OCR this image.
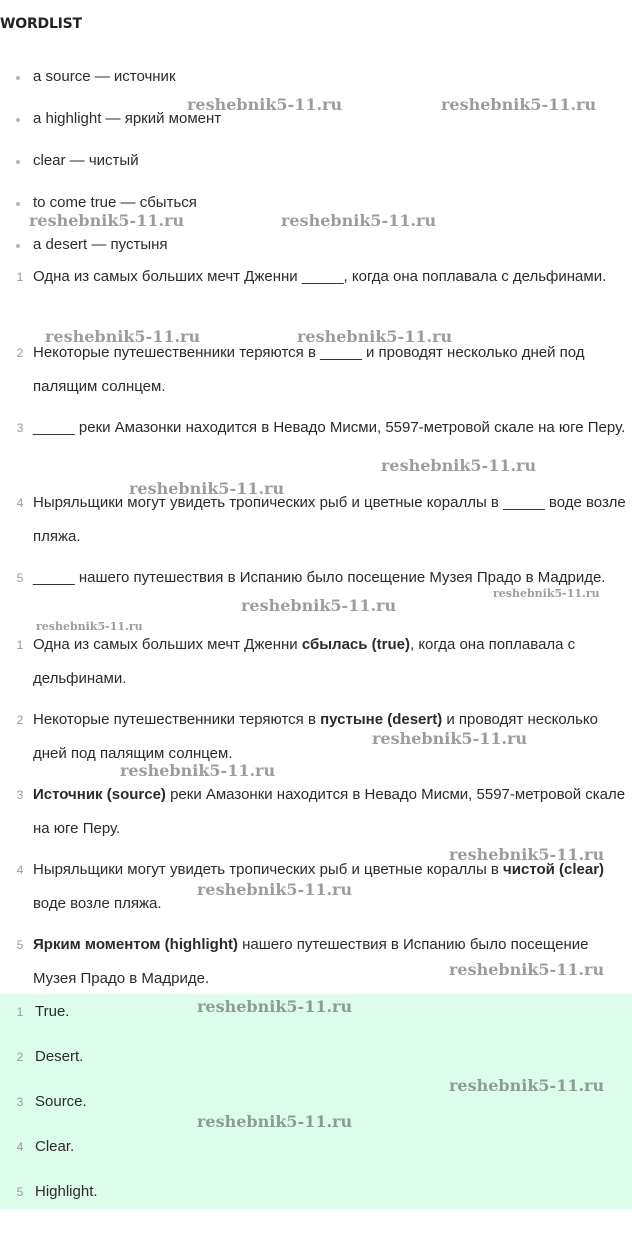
WORDLIST
a source — источник
a highlight — яркий момент
clear — чистый
to come true — сбыться
a desert — пустыня
1 Одна из самых больших мечт Дженни _____, когда она поплавала с дельфинами.
2 Некоторые путешественники теряются в _____ и проводят несколько дней под палящим солнцем.
3 _____ реки Амазонки находится в Невадо Мисми, 5597-метровой скале на юге Перу.
4 Ныряльщики могут увидеть тропических рыб и цветные кораллы в _____ воде возле пляжа.
5 _____ нашего путешествия в Испанию было посещение Музея Прадо в Мадриде.
1 Одна из самых больших мечт Дженни сбылась (true), когда она поплавала с дельфинами.
2 Некоторые путешественники теряются в пустыне (desert) и проводят несколько дней под палящим солнцем.
3 Источник (source) реки Амазонки находится в Невадо Мисми, 5597-метровой скале на юге Перу.
4 Ныряльщики могут увидеть тропических рыб и цветные кораллы в чистой (clear) воде возле пляжа.
5 Ярким моментом (highlight) нашего путешествия в Испанию было посещение Музея Прадо в Мадриде.
1 True.
2 Desert.
3 Source.
4 Clear.
5 Highlight.
reshebnik5-11.ru	reshebnik5-11.ru
reshebnik5-11.ru	reshebnik5-11.ru
reshebnik5-11.ru	reshebnik5-11.ru
reshebnik5-11.ru
reshebnik5-11.ru
reshebnik5-11.ru
reshebnik5-11.ru
reshebnik5-11.ru
reshebnik5-11.ru
reshebnik5-11.ru
reshebnik5-11.ru
reshebnik5-11.ru
reshebnik5-11.ru
reshebnik5-11.ru
reshebnik5-11.ru
reshebnik5-11.ru
